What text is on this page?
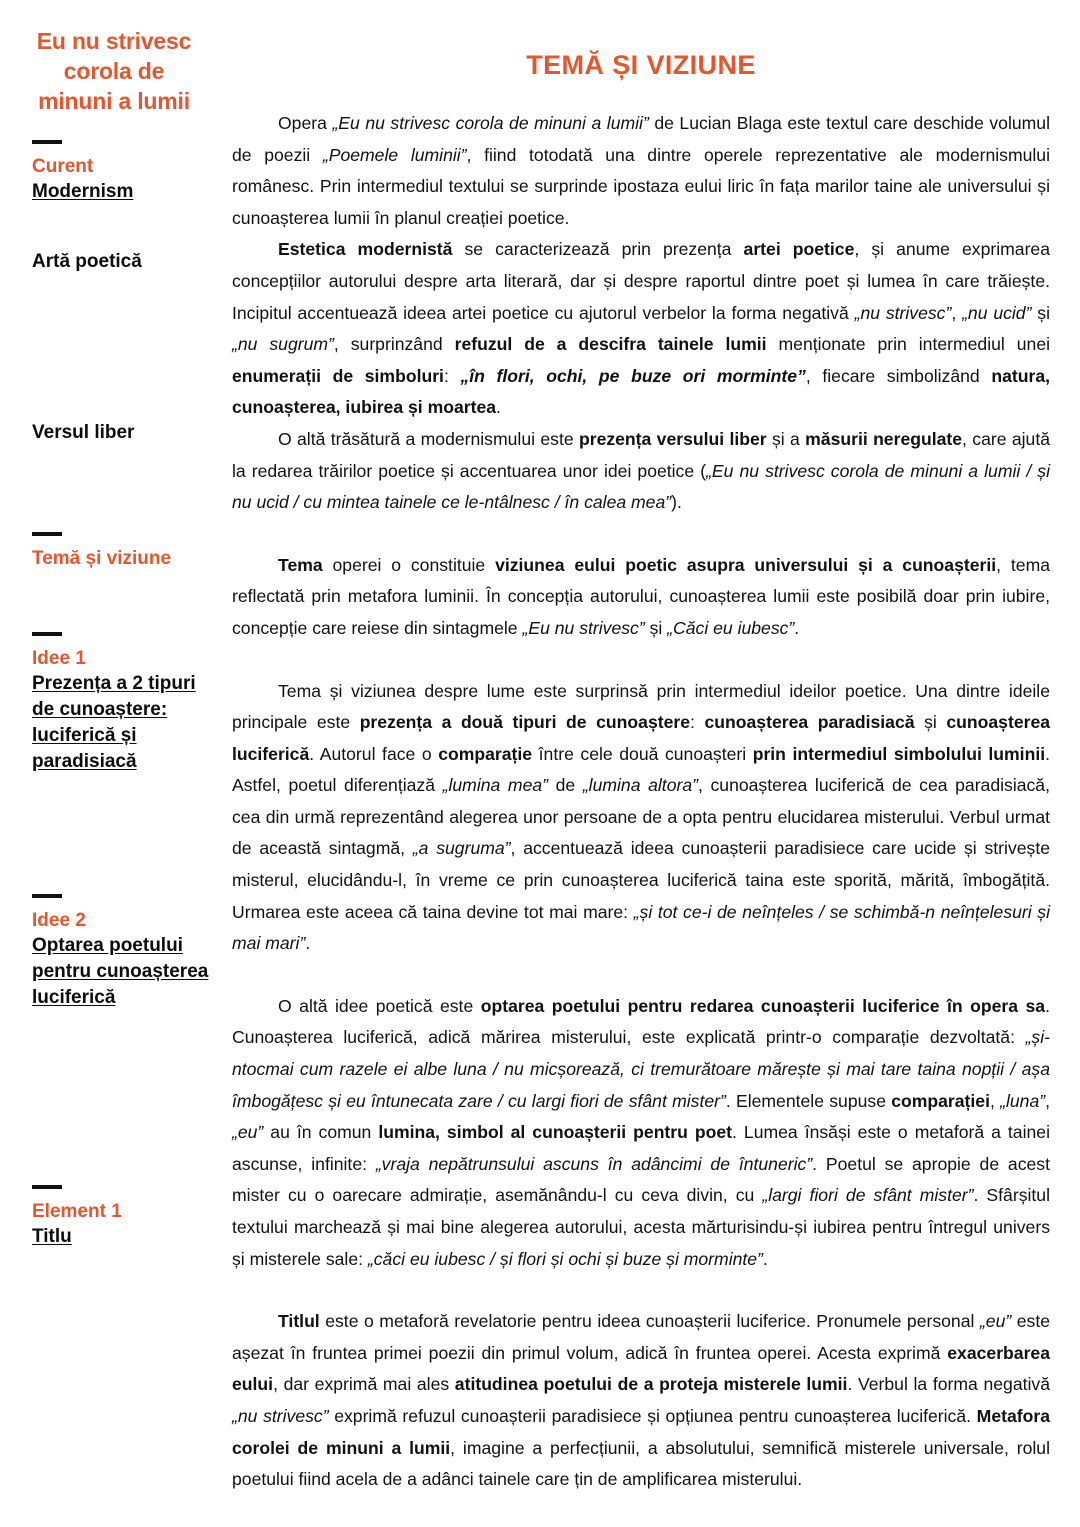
Eu nu strivesc corola de minuni a lumii

Curent

Modernism

Artă poetică

Versul liber

Temă și viziune

Idee 1

Prezența a 2 tipuri de cunoaștere: luciferică și paradisiacă

Idee 2

Optarea poetului pentru cunoașterea luciferică

Element 1

Titlu

TEMĂ ȘI VIZIUNE

Opera „Eu nu strivesc corola de minuni a lumii” de Lucian Blaga este textul care deschide volumul de poezii „Poemele luminii”, fiind totodată una dintre operele reprezentative ale modernismului românesc. Prin intermediul textului se surprinde ipostaza eului liric în fața marilor taine ale universului și cunoașterea lumii în planul creației poetice.

Estetica modernistă se caracterizează prin prezența artei poetice, și anume exprimarea concepțiilor autorului despre arta literară, dar și despre raportul dintre poet și lumea în care trăiește. Incipitul accentuează ideea artei poetice cu ajutorul verbelor la forma negativă „nu strivesc”, „nu ucid” și „nu sugrum”, surprinzând refuzul de a descifra tainele lumii menționate prin intermediul unei enumerații de simboluri: „în flori, ochi, pe buze ori morminte”, fiecare simbolizând natura, cunoașterea, iubirea și moartea.

O altă trăsătură a modernismului este prezența versului liber și a măsurii neregulate, care ajută la redarea trăirilor poetice și accentuarea unor idei poetice („Eu nu strivesc corola de minuni a lumii / și nu ucid / cu mintea tainele ce le-ntâlnesc / în calea mea”).

Tema operei o constituie viziunea eului poetic asupra universului și a cunoașterii, tema reflectată prin metafora luminii. În concepția autorului, cunoașterea lumii este posibilă doar prin iubire, concepție care reiese din sintagmele „Eu nu strivesc” și „Căci eu iubesc”.

Tema și viziunea despre lume este surprinsă prin intermediul ideilor poetice. Una dintre ideile principale este prezența a două tipuri de cunoaștere: cunoașterea paradisiacă și cunoașterea luciferică. Autorul face o comparație între cele două cunoașteri prin intermediul simbolului luminii. Astfel, poetul diferențiază „lumina mea” de „lumina altora”, cunoașterea luciferică de cea paradisiacă, cea din urmă reprezentând alegerea unor persoane de a opta pentru elucidarea misterului. Verbul urmat de această sintagmă, „a sugruma”, accentuează ideea cunoașterii paradisiece care ucide și strivește misterul, elucidându-l, în vreme ce prin cunoașterea luciferică taina este sporită, mărită, îmbogățită. Urmarea este aceea că taina devine tot mai mare: „și tot ce-i de neînțeles / se schimbă-n neînțelesuri și mai mari”.

O altă idee poetică este optarea poetului pentru redarea cunoașterii luciferice în opera sa. Cunoașterea luciferică, adică mărirea misterului, este explicată printr-o comparație dezvoltată: „și-ntocmai cum razele ei albe luna / nu micșorează, ci tremurătoare mărește și mai tare taina nopții / așa îmbogățesc și eu întunecata zare / cu largi fiori de sfânt mister”. Elementele supuse comparației, „luna”, „eu” au în comun lumina, simbol al cunoașterii pentru poet. Lumea însăși este o metaforă a tainei ascunse, infinite: „vraja nepătrunsului ascuns în adâncimi de întuneric”. Poetul se apropie de acest mister cu o oarecare admirație, asemănându-l cu ceva divin, cu „largi fiori de sfânt mister”. Sfârșitul textului marchează și mai bine alegerea autorului, acesta mărturisindu-și iubirea pentru întregul univers și misterele sale: „căci eu iubesc / și flori și ochi și buze și morminte”.

Titlul este o metaforă revelatorie pentru ideea cunoașterii luciferice. Pronumele personal „eu” este așezat în fruntea primei poezii din primul volum, adică în fruntea operei. Acesta exprimă exacerbarea eului, dar exprimă mai ales atitudinea poetului de a proteja misterele lumii. Verbul la forma negativă „nu strivesc” exprimă refuzul cunoașterii paradisiece și opțiunea pentru cunoașterea luciferică. Metafora corolei de minuni a lumii, imagine a perfecțiunii, a absolutului, semnifică misterele universale, rolul poetului fiind acela de a adânci tainele care țin de amplificarea misterului.
